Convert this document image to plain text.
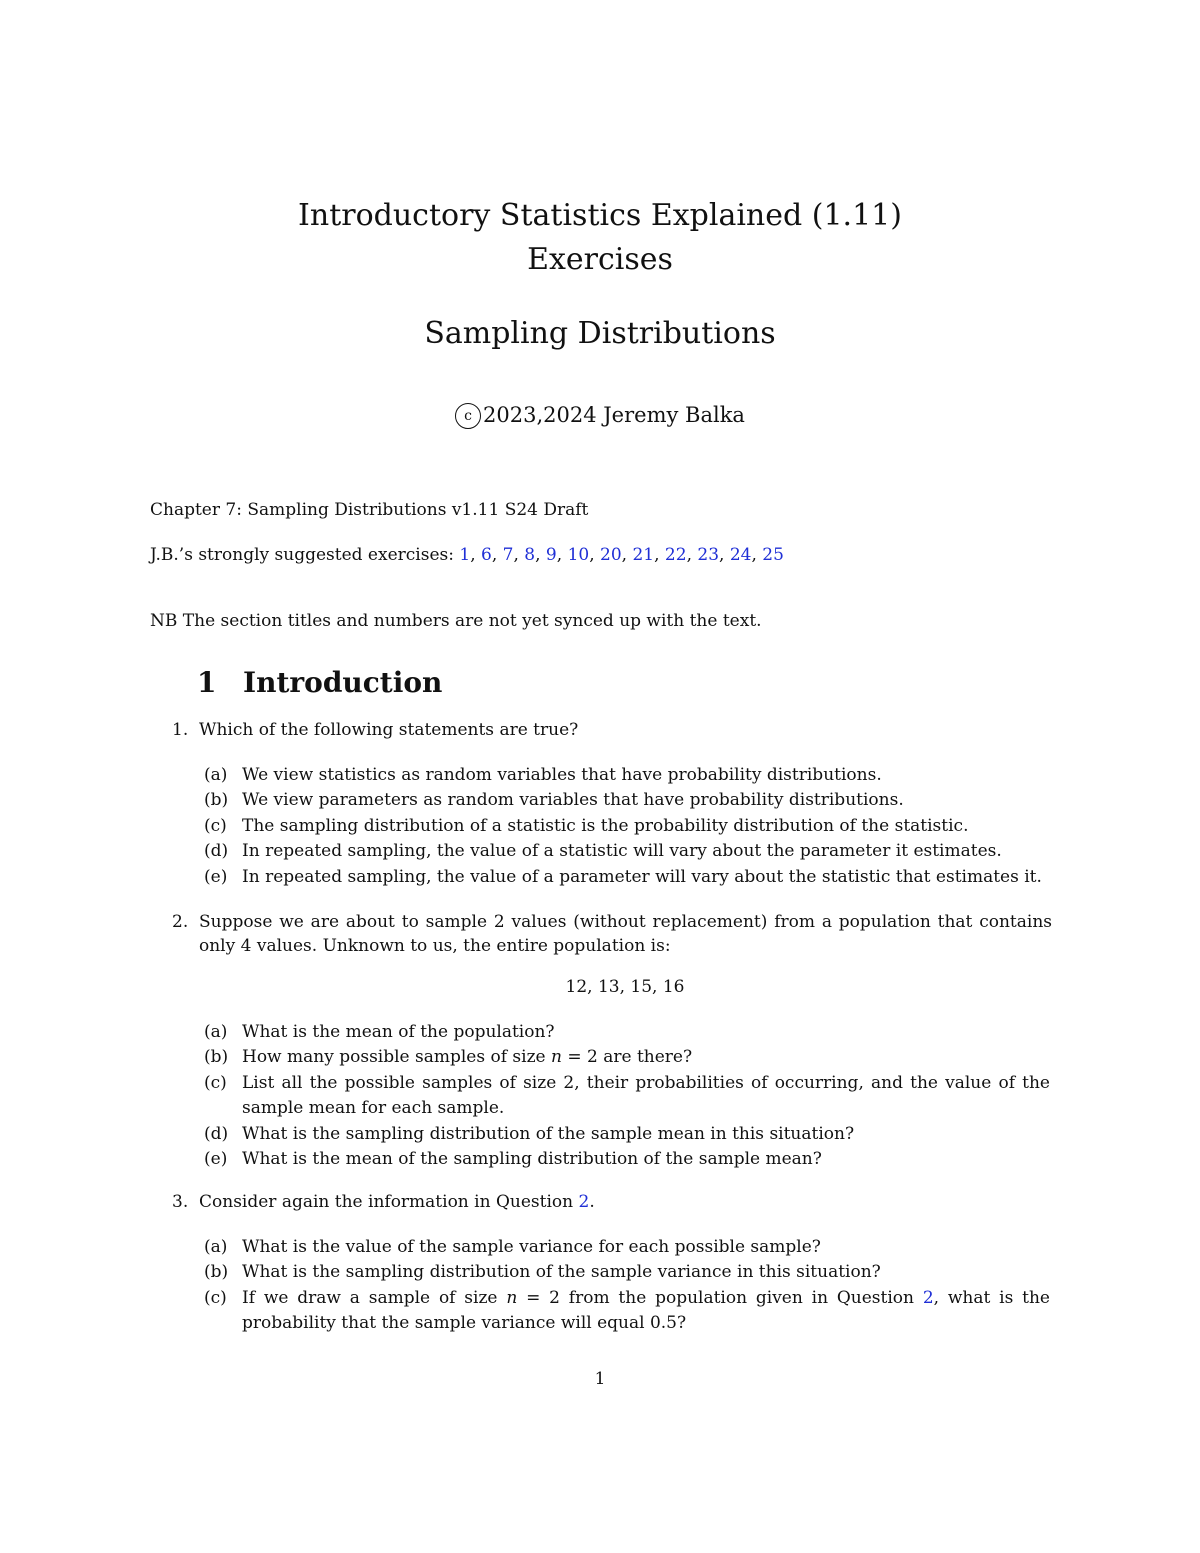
Introductory Statistics Explained (1.11)
Exercises
Sampling Distributions
c 2023,2024 Jeremy Balka
Chapter 7: Sampling Distributions v1.11 S24 Draft
J.B.’s strongly suggested exercises: 1, 6, 7, 8, 9, 10, 20, 21, 22, 23, 24, 25
NB The section titles and numbers are not yet synced up with the text.
1 Introduction
1. Which of the following statements are true?
(a) We view statistics as random variables that have probability distributions.
(b) We view parameters as random variables that have probability distributions.
(c) The sampling distribution of a statistic is the probability distribution of the statistic.
(d) In repeated sampling, the value of a statistic will vary about the parameter it estimates.
(e) In repeated sampling, the value of a parameter will vary about the statistic that estimates it.
2. Suppose we are about to sample 2 values (without replacement) from a population that contains only 4 values. Unknown to us, the entire population is:
12, 13, 15, 16
(a) What is the mean of the population?
(b) How many possible samples of size n = 2 are there?
(c) List all the possible samples of size 2, their probabilities of occurring, and the value of the sample mean for each sample.
(d) What is the sampling distribution of the sample mean in this situation?
(e) What is the mean of the sampling distribution of the sample mean?
3. Consider again the information in Question 2.
(a) What is the value of the sample variance for each possible sample?
(b) What is the sampling distribution of the sample variance in this situation?
(c) If we draw a sample of size n = 2 from the population given in Question 2, what is the probability that the sample variance will equal 0.5?
1
